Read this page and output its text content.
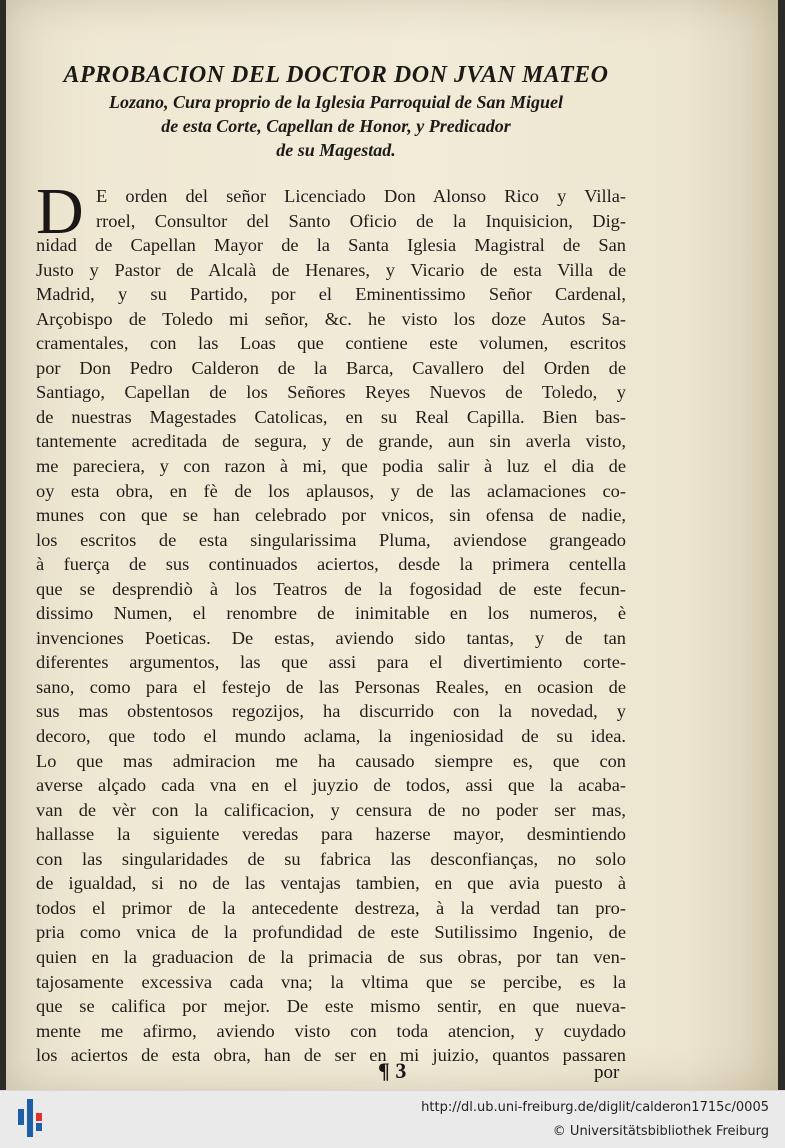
APROBACION DEL DOCTOR DON JVAN MATEO
Lozano, Cura proprio de la Iglesia Parroquial de San Miguel
de esta Corte, Capellan de Honor, y Predicador
de su Magestad.
D E orden del señor Licenciado Don Alonso Rico y Villa-
rroel, Consultor del Santo Oficio de la Inquisicion, Dig-
nidad de Capellan Mayor de la Santa Iglesia Magistral de San
Justo y Pastor de Alcalà de Henares, y Vicario de esta Villa de
Madrid, y su Partido, por el Eminentissimo Señor Cardenal,
Arçobispo de Toledo mi señor, &c. he visto los doze Autos Sa-
cramentales, con las Loas que contiene este volumen, escritos
por Don Pedro Calderon de la Barca, Cavallero del Orden de
Santiago, Capellan de los Señores Reyes Nuevos de Toledo, y
de nuestras Magestades Catolicas, en su Real Capilla. Bien bas-
tantemente acreditada de segura, y de grande, aun sin averla visto,
me pareciera, y con razon à mi, que podia salir à luz el dia de
oy esta obra, en fè de los aplausos, y de las aclamaciones co-
munes con que se han celebrado por vnicos, sin ofensa de nadie,
los escritos de esta singularissima Pluma, aviendose grangeado
à fuerça de sus continuados aciertos, desde la primera centella
que se desprendiò à los Teatros de la fogosidad de este fecun-
dissimo Numen, el renombre de inimitable en los numeros, è
invenciones Poeticas. De estas, aviendo sido tantas, y de tan
diferentes argumentos, las que assi para el divertimiento corte-
sano, como para el festejo de las Personas Reales, en ocasion de
sus mas obstentosos regozijos, ha discurrido con la novedad, y
decoro, que todo el mundo aclama, la ingeniosidad de su idea.
Lo que mas admiracion me ha causado siempre es, que con
averse alçado cada vna en el juyzio de todos, assi que la acaba-
van de vèr con la calificacion, y censura de no poder ser mas,
hallasse la siguiente veredas para hazerse mayor, desmintiendo
con las singularidades de su fabrica las desconfianças, no solo
de igualdad, si no de las ventajas tambien, en que avia puesto à
todos el primor de la antecedente destreza, à la verdad tan pro-
pria como vnica de la profundidad de este Sutilissimo Ingenio, de
quien en la graduacion de la primacia de sus obras, por tan ven-
tajosamente excessiva cada vna; la vltima que se percibe, es la
que se califica por mejor. De este mismo sentir, en que nueva-
mente me afirmo, aviendo visto con toda atencion, y cuydado
los aciertos de esta obra, han de ser en mi juizio, quantos passaren
¶ 3	por
http://dl.ub.uni-freiburg.de/diglit/calderon1715c/0005
© Universitätsbibliothek Freiburg
